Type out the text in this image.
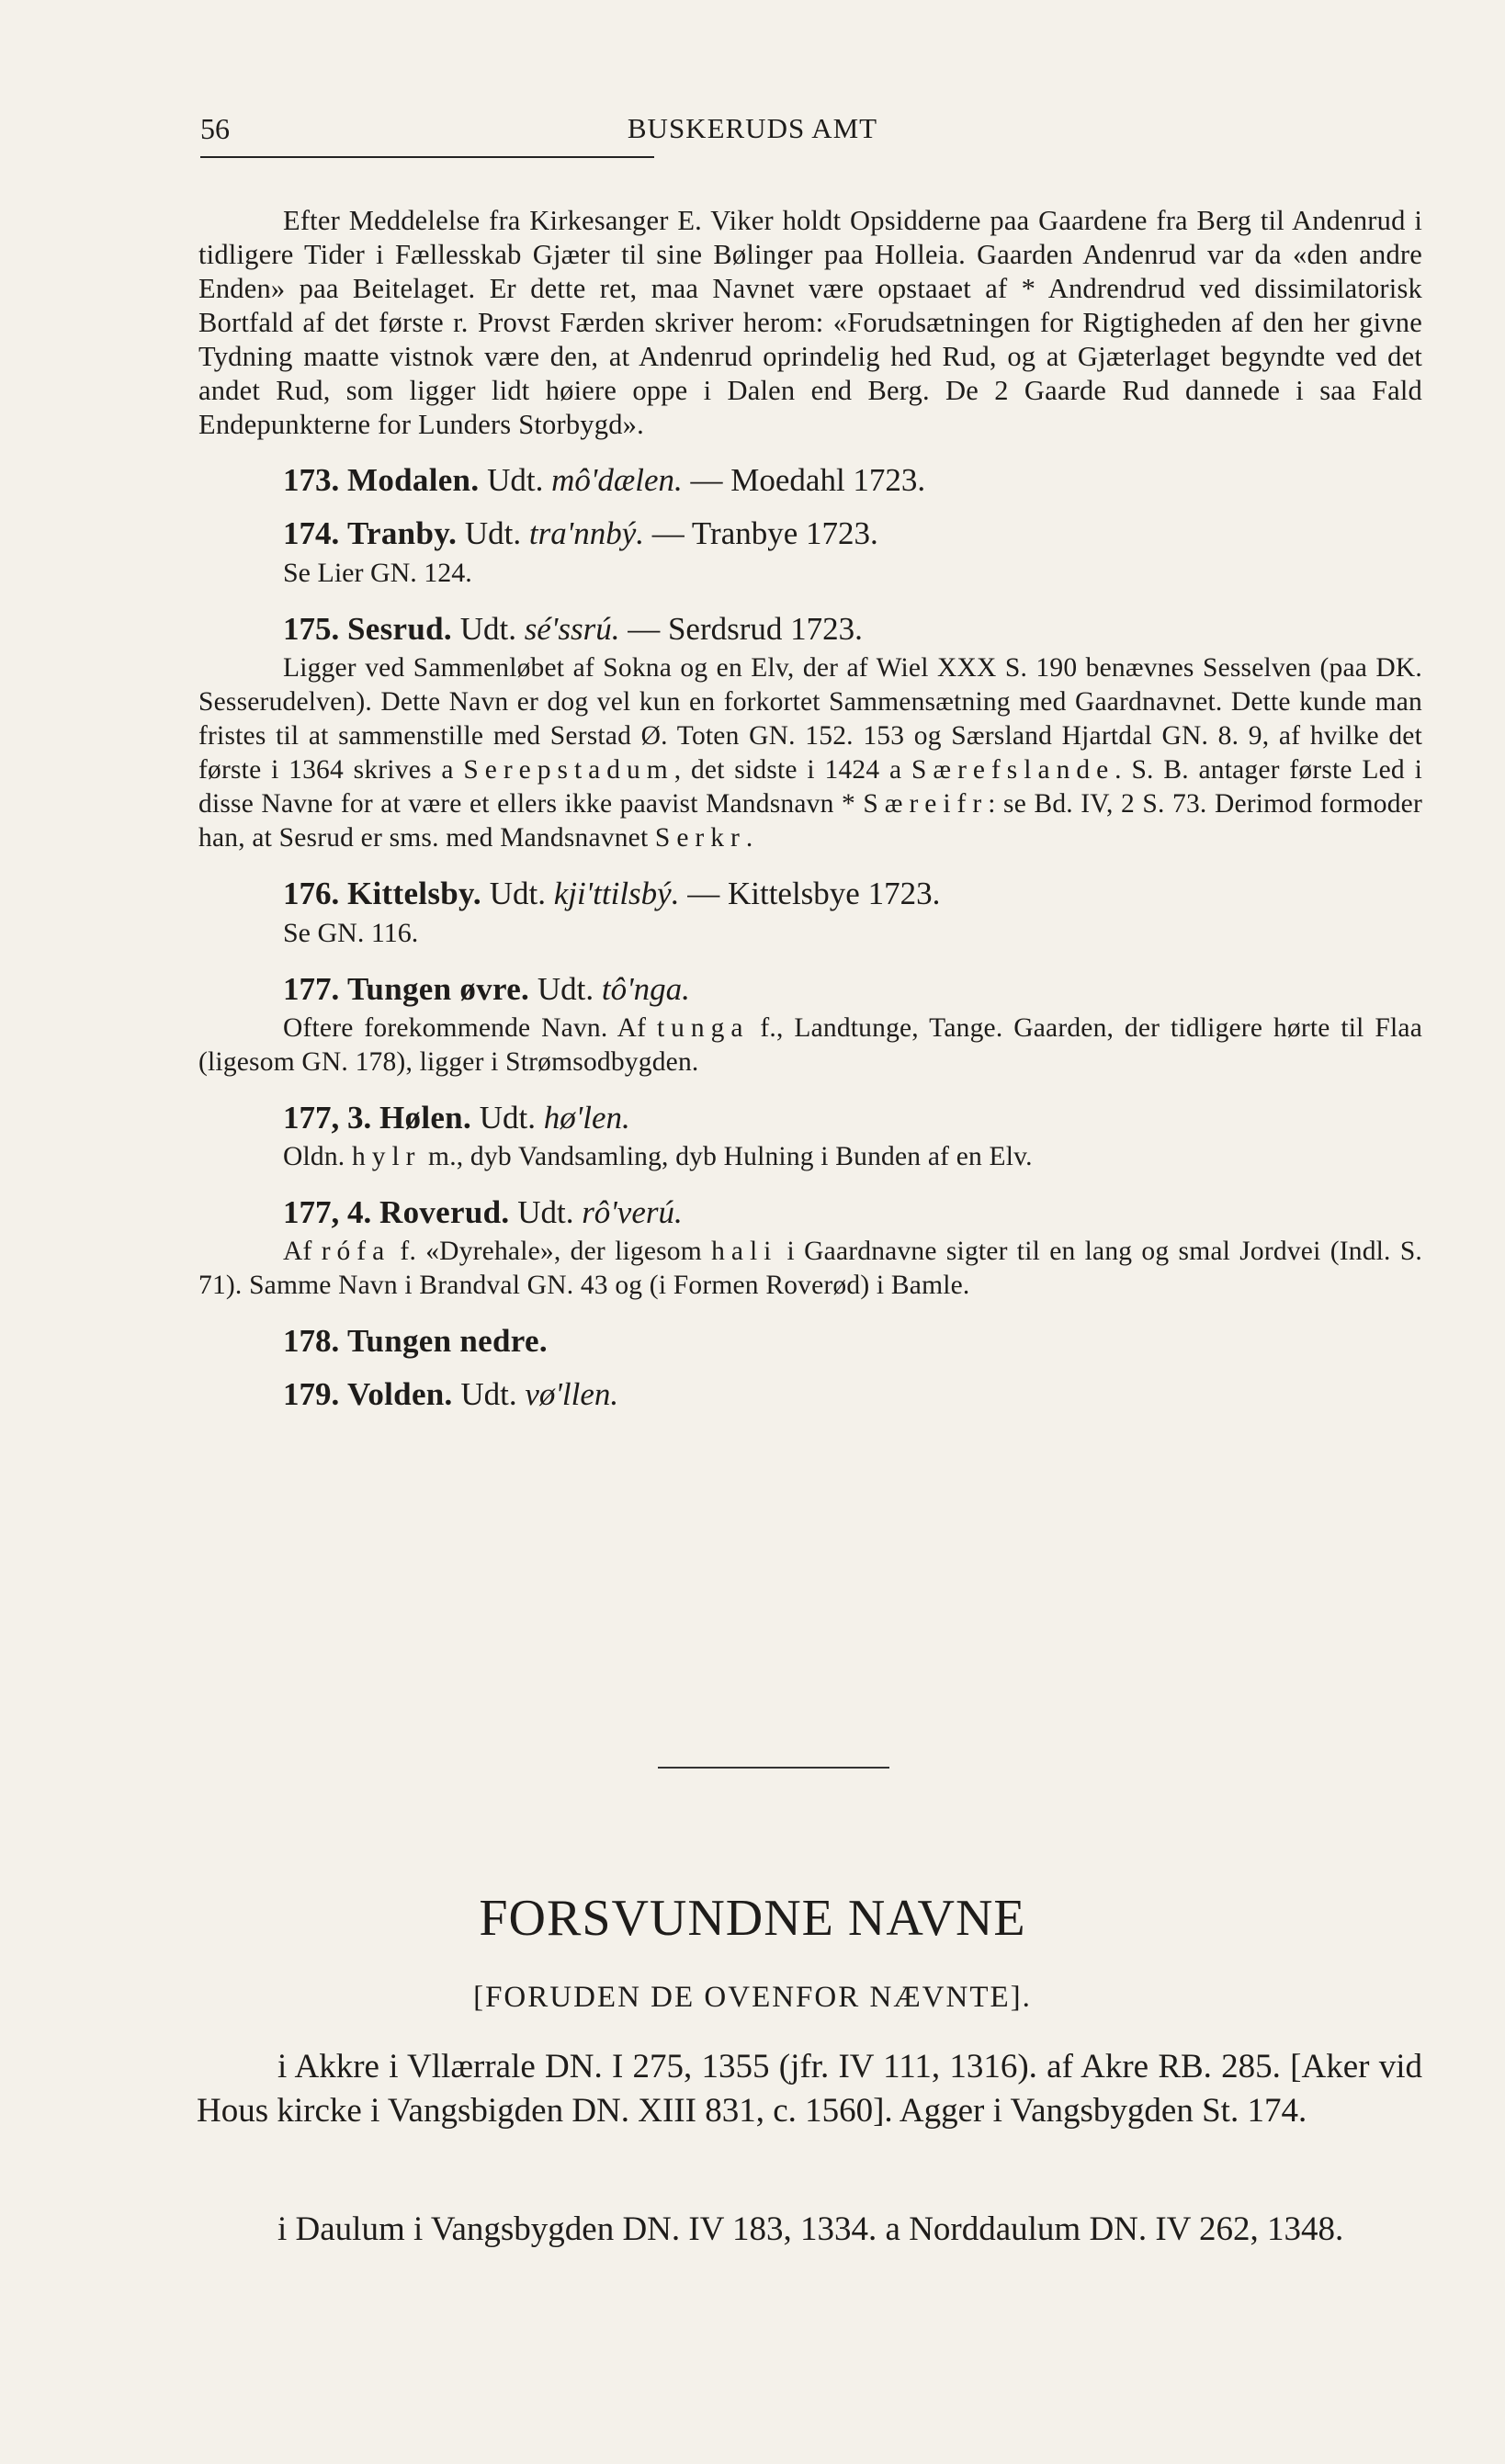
56	BUSKERUDS AMT

Efter Meddelelse fra Kirkesanger E. Viker holdt Opsidderne paa Gaardene fra Berg til Andenrud i tidligere Tider i Fællesskab Gjæter til sine Bølinger paa Holleia. Gaarden Andenrud var da «den andre Enden» paa Beitelaget. Er dette ret, maa Navnet være opstaaet af * Andrendrud ved dissimilatorisk Bortfald af det første r. Provst Færden skriver herom: «Forudsætningen for Rigtigheden af den her givne Tydning maatte vistnok være den, at Andenrud oprindelig hed Rud, og at Gjæterlaget begyndte ved det andet Rud, som ligger lidt høiere oppe i Dalen end Berg. De 2 Gaarde Rud dannede i saa Fald Endepunkterne for Lunders Storbygd».

173. Modalen. Udt. mô'dælen. — Moedahl 1723.

174. Tranby. Udt. tra'nnbý. — Tranbye 1723.

Se Lier GN. 124.

175. Sesrud. Udt. sé'ssrú. — Serdsrud 1723.

Ligger ved Sammenløbet af Sokna og en Elv, der af Wiel XXX S. 190 benævnes Sesselven (paa DK. Sesserudelven). Dette Navn er dog vel kun en forkortet Sammensætning med Gaardnavnet. Dette kunde man fristes til at sammenstille med Serstad Ø. Toten GN. 152. 153 og Særsland Hjartdal GN. 8. 9, af hvilke det første i 1364 skrives a Serepstadum, det sidste i 1424 a Særefslande. S. B. antager første Led i disse Navne for at være et ellers ikke paavist Mandsnavn * Særeifr: se Bd. IV, 2 S. 73. Derimod formoder han, at Sesrud er sms. med Mandsnavnet Serkr.

176. Kittelsby. Udt. kji'ttilsbý. — Kittelsbye 1723.

Se GN. 116.

177. Tungen øvre. Udt. tô'nga.

Oftere forekommende Navn. Af tunga f., Landtunge, Tange. Gaarden, der tidligere hørte til Flaa (ligesom GN. 178), ligger i Strømsodbygden.

177, 3. Hølen. Udt. hø'len.

Oldn. hylr m., dyb Vandsamling, dyb Hulning i Bunden af en Elv.

177, 4. Roverud. Udt. rô'verú.

Af rófa f. «Dyrehale», der ligesom hali i Gaardnavne sigter til en lang og smal Jordvei (Indl. S. 71). Samme Navn i Brandval GN. 43 og (i Formen Roverød) i Bamle.

178. Tungen nedre.

179. Volden. Udt. vø'llen.

FORSVUNDNE NAVNE
[FORUDEN DE OVENFOR NÆVNTE].

i Akkre i Vllærrale DN. I 275, 1355 (jfr. IV 111, 1316). af Akre RB. 285. [Aker vid Hous kircke i Vangsbigden DN. XIII 831, c. 1560]. Agger i Vangsbygden St. 174.

i Daulum i Vangsbygden DN. IV 183, 1334. a Norddaulum DN. IV 262, 1348.
